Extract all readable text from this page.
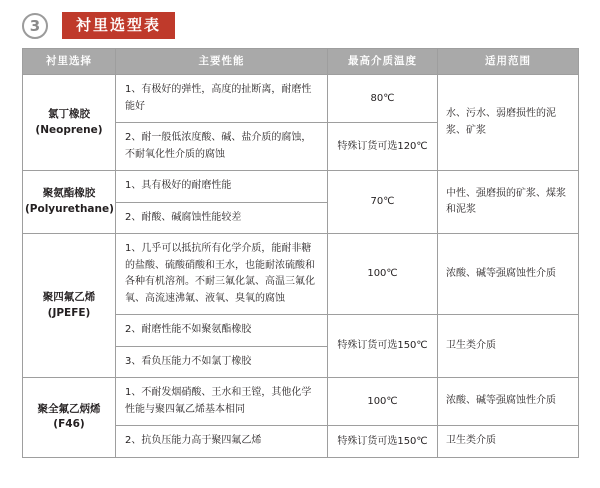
3	衬里选型表
衬里选择	主要性能	最高介质温度	适用范围

氯丁橡胶
(Neoprene)	1、有极好的弹性，高度的扯断离，耐磨性能好	80℃	水、污水、弱磨损性的泥浆、矿浆
	2、耐一般低浓度酸、碱、盐介质的腐蚀，不耐氧化性介质的腐蚀	特殊订货可选120℃	

聚氨酯橡胶
(Polyurethane)	1、具有极好的耐磨性能	70℃	中性、强磨损的矿浆、煤浆和泥浆
	2、耐酸、碱腐蚀性能较差		

聚四氟乙烯
(JPEFE)	1、几乎可以抵抗所有化学介质，能耐非糖的盐酸、硫酸硝酸和王水，也能耐浓硫酸和各种有机溶剂。不耐三氟化氯、高温三氟化氧、高流速沸氟、液氧、臭氧的腐蚀	100℃	浓酸、碱等强腐蚀性介质
	2、耐磨性能不如聚氨酯橡胶	特殊订货可选150℃	卫生类介质
	3、看负压能力不如氯丁橡胶		

聚全氟乙炳烯
(F46)	1、不耐发烟硝酸、王水和王镗，其他化学性能与聚四氟乙烯基本相同	100℃	浓酸、碱等强腐蚀性介质
	2、抗负压能力高于聚四氟乙烯	特殊订货可选150℃	卫生类介质
